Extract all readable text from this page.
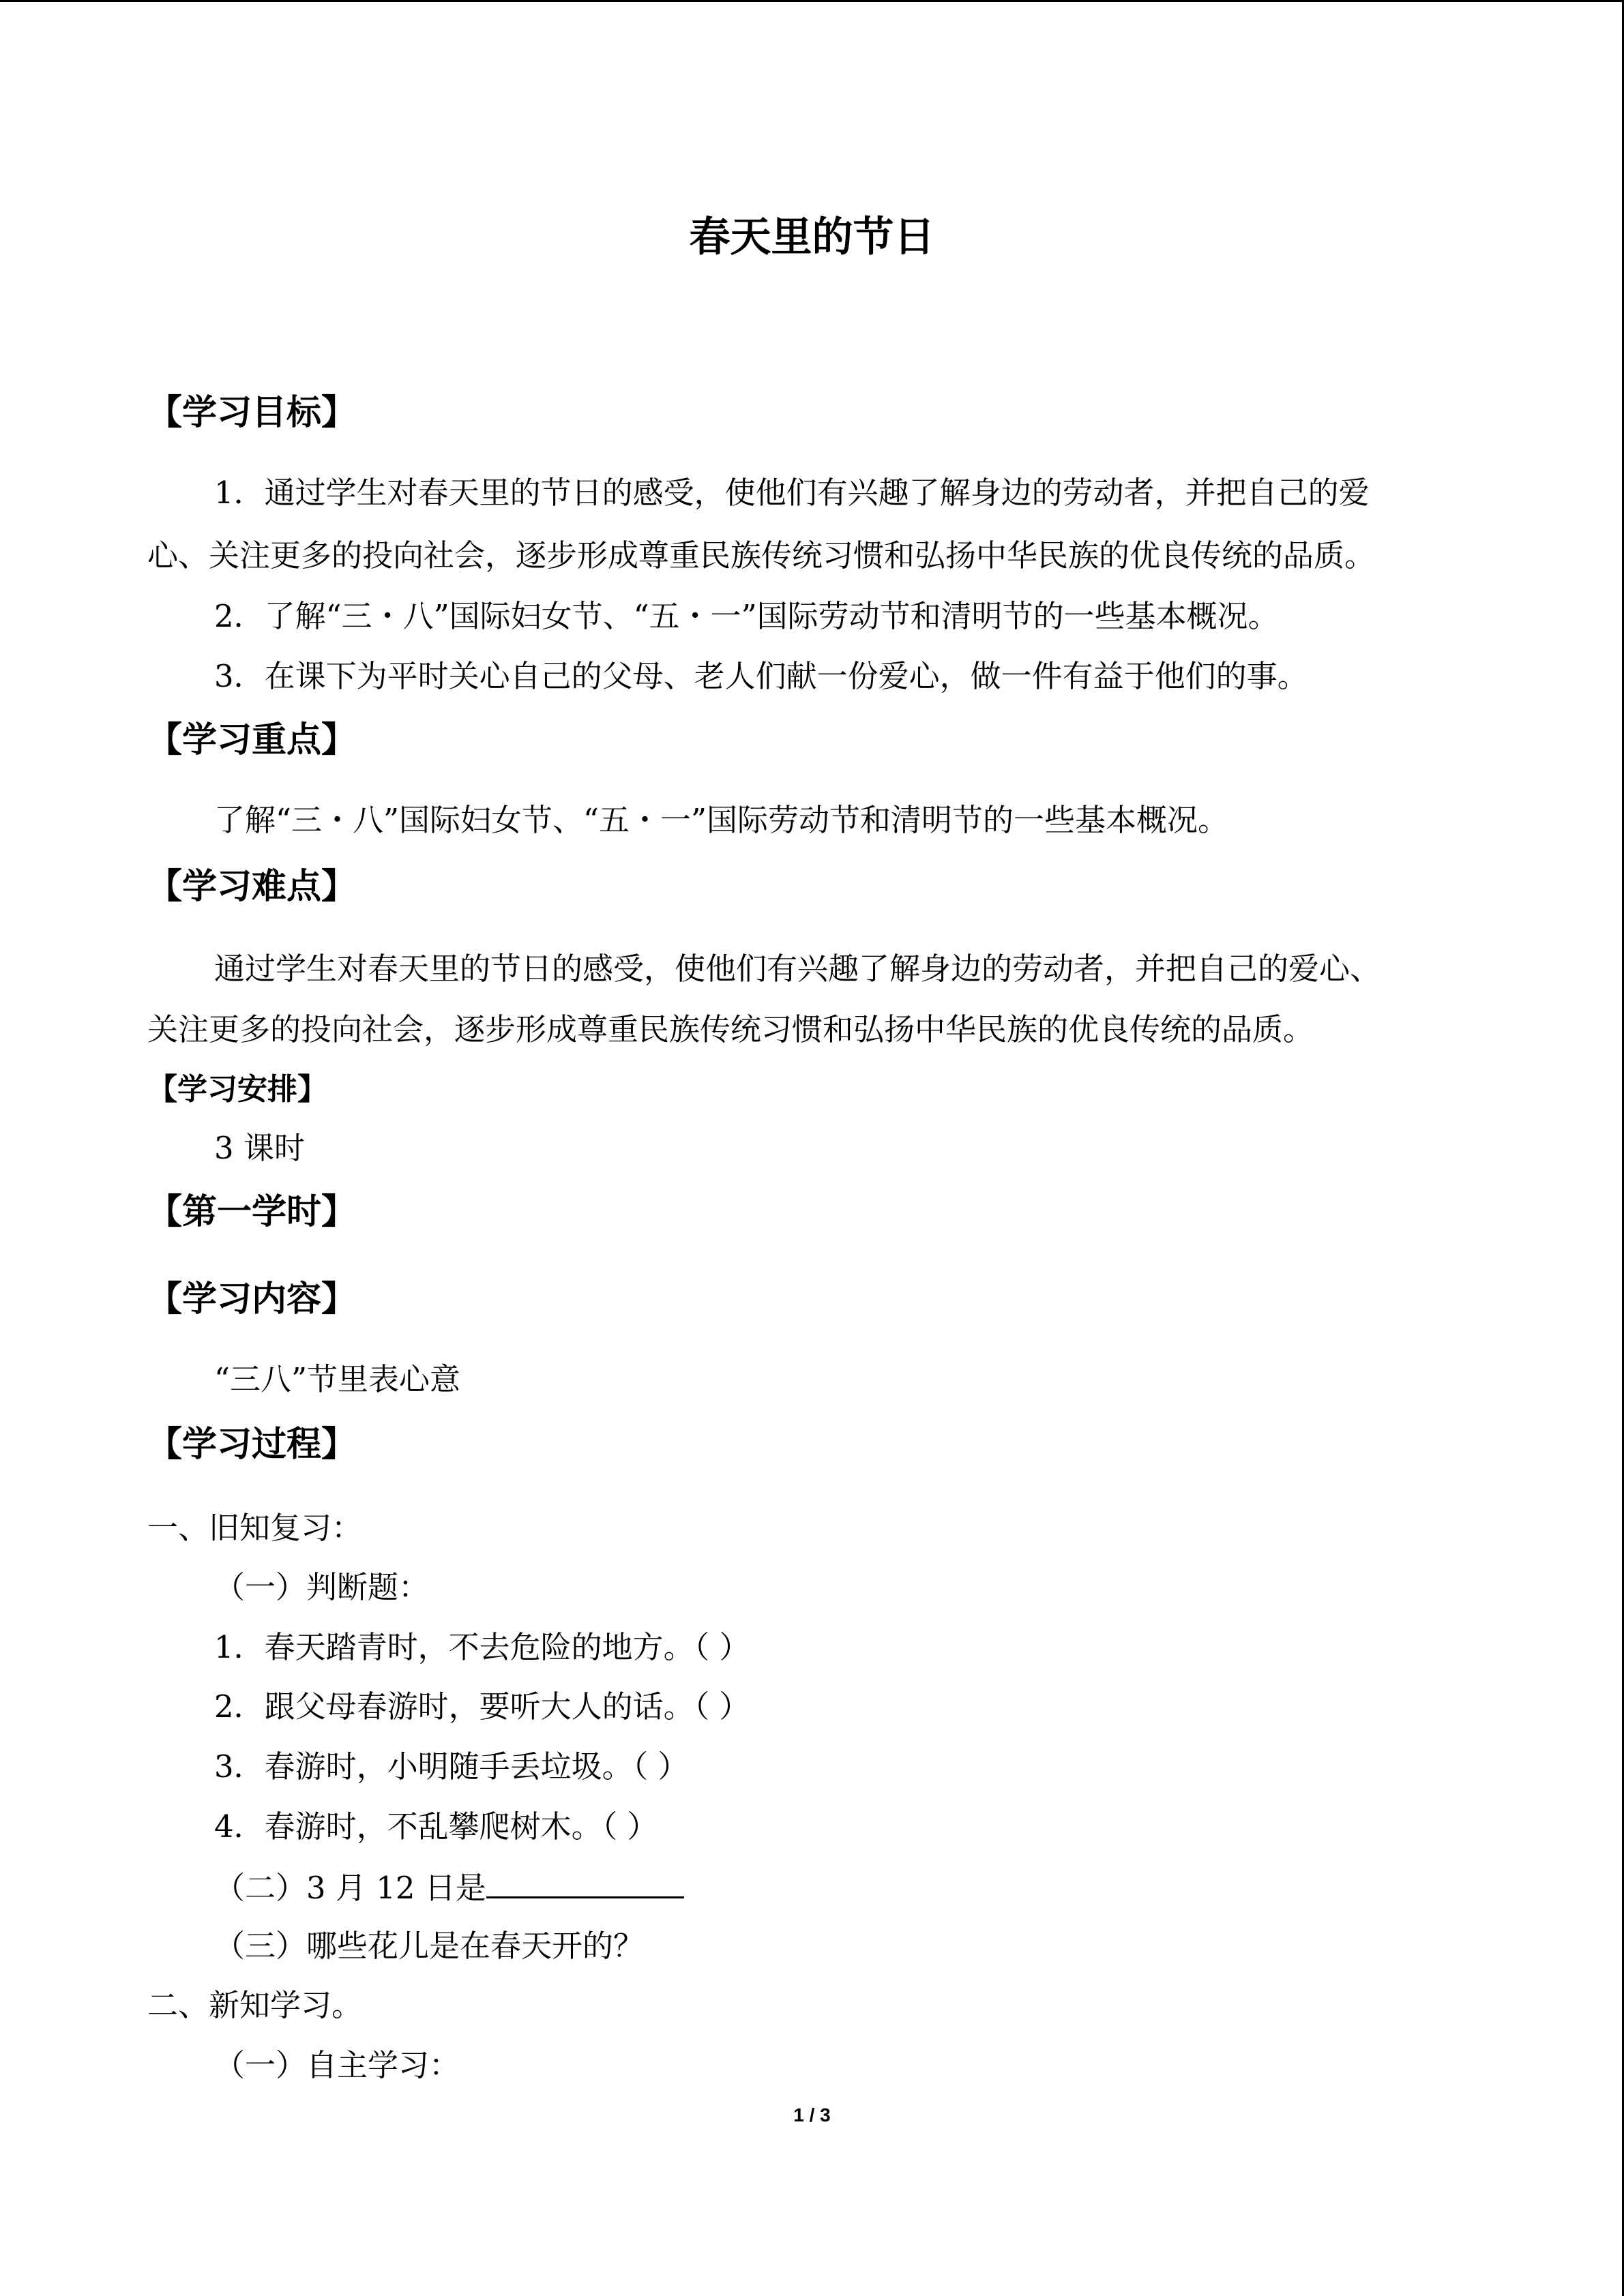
春天里的节日
【学习目标】
1．通过学生对春天里的节日的感受，使他们有兴趣了解身边的劳动者，并把自己的爱
心、关注更多的投向社会，逐步形成尊重民族传统习惯和弘扬中华民族的优良传统的品质。
2．了解“三・八”国际妇女节、“五・一”国际劳动节和清明节的一些基本概况。
3．在课下为平时关心自己的父母、老人们献一份爱心，做一件有益于他们的事。
【学习重点】
了解“三・八”国际妇女节、“五・一”国际劳动节和清明节的一些基本概况。
【学习难点】
通过学生对春天里的节日的感受，使他们有兴趣了解身边的劳动者，并把自己的爱心、
关注更多的投向社会，逐步形成尊重民族传统习惯和弘扬中华民族的优良传统的品质。
【学习安排】
3 课时
【第一学时】
【学习内容】
“三八”节里表心意
【学习过程】
一、旧知复习：
（一）判断题：
1．春天踏青时，不去危险的地方。（ ）
2．跟父母春游时，要听大人的话。（ ）
3．春游时，小明随手丢垃圾。（ ）
4．春游时，不乱攀爬树木。（ ）
（二）3 月 12 日是
（三）哪些花儿是在春天开的？
二、新知学习。
（一）自主学习：
1 / 3
